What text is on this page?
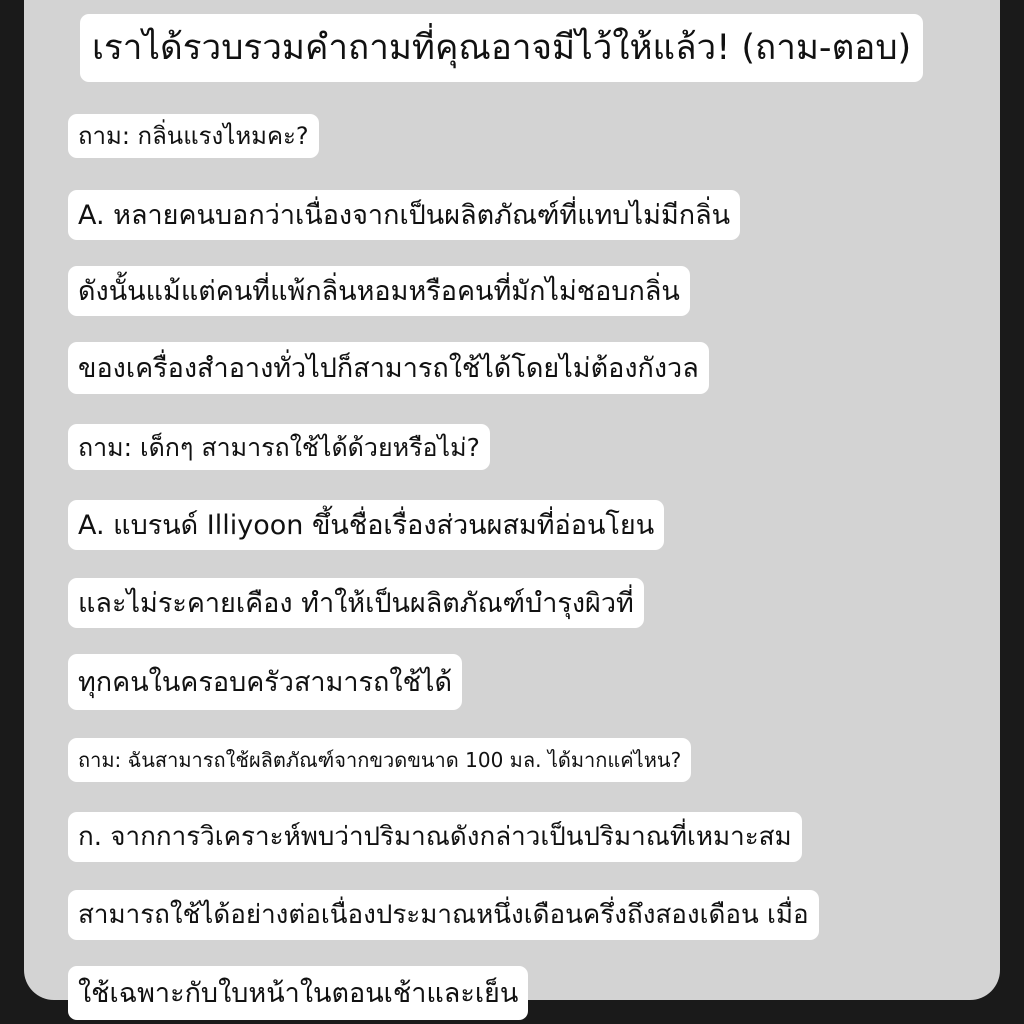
เราได้รวบรวมคำถามที่คุณอาจมีไว้ให้แล้ว! (ถาม-ตอบ)
ถาม: กลิ่นแรงไหมคะ?
A. หลายคนบอกว่าเนื่องจากเป็นผลิตภัณฑ์ที่แทบไม่มีกลิ่น
ดังนั้นแม้แต่คนที่แพ้กลิ่นหอมหรือคนที่มักไม่ชอบกลิ่น
ของเครื่องสำอางทั่วไปก็สามารถใช้ได้โดยไม่ต้องกังวล
ถาม: เด็กๆ สามารถใช้ได้ด้วยหรือไม่?
A. แบรนด์ Illiyoon ขึ้นชื่อเรื่องส่วนผสมที่อ่อนโยน
และไม่ระคายเคือง ทำให้เป็นผลิตภัณฑ์บำรุงผิวที่
ทุกคนในครอบครัวสามารถใช้ได้
ถาม: ฉันสามารถใช้ผลิตภัณฑ์จากขวดขนาด 100 มล. ได้มากแค่ไหน?
ก. จากการวิเคราะห์พบว่าปริมาณดังกล่าวเป็นปริมาณที่เหมาะสม
สามารถใช้ได้อย่างต่อเนื่องประมาณหนึ่งเดือนครึ่งถึงสองเดือน เมื่อ
ใช้เฉพาะกับใบหน้าในตอนเช้าและเย็น
